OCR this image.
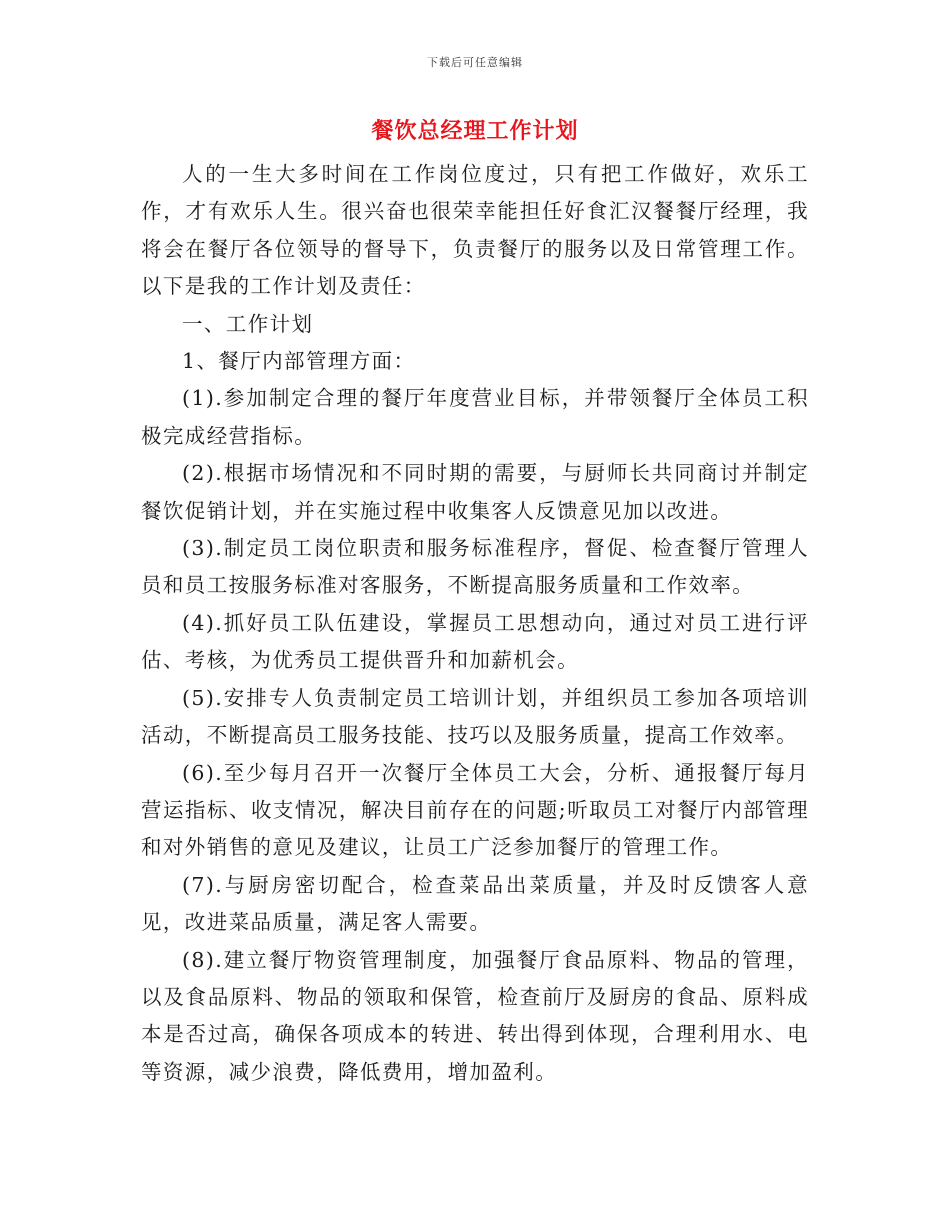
下载后可任意编辑
餐饮总经理工作计划

人的一生大多时间在工作岗位度过，只有把工作做好，欢乐工作，才有欢乐人生。很兴奋也很荣幸能担任好食汇汉餐餐厅经理，我将会在餐厅各位领导的督导下，负责餐厅的服务以及日常管理工作。以下是我的工作计划及责任：

一、工作计划

1、餐厅内部管理方面：

(1).参加制定合理的餐厅年度营业目标，并带领餐厅全体员工积极完成经营指标。

(2).根据市场情况和不同时期的需要，与厨师长共同商讨并制定餐饮促销计划，并在实施过程中收集客人反馈意见加以改进。

(3).制定员工岗位职责和服务标准程序，督促、检查餐厅管理人员和员工按服务标准对客服务，不断提高服务质量和工作效率。

(4).抓好员工队伍建设，掌握员工思想动向，通过对员工进行评估、考核，为优秀员工提供晋升和加薪机会。

(5).安排专人负责制定员工培训计划，并组织员工参加各项培训活动，不断提高员工服务技能、技巧以及服务质量，提高工作效率。

(6).至少每月召开一次餐厅全体员工大会，分析、通报餐厅每月营运指标、收支情况，解决目前存在的问题;听取员工对餐厅内部管理和对外销售的意见及建议，让员工广泛参加餐厅的管理工作。

(7).与厨房密切配合，检查菜品出菜质量，并及时反馈客人意见，改进菜品质量，满足客人需要。

(8).建立餐厅物资管理制度，加强餐厅食品原料、物品的管理，以及食品原料、物品的领取和保管，检查前厅及厨房的食品、原料成本是否过高，确保各项成本的转进、转出得到体现，合理利用水、电等资源，减少浪费，降低费用，增加盈利。
